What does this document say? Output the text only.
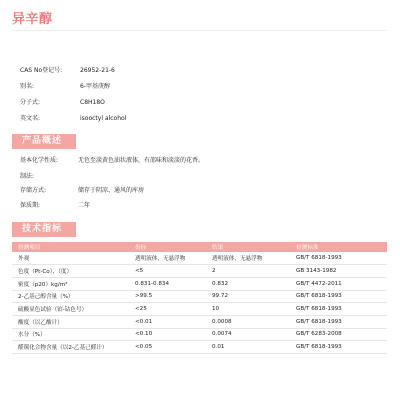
异辛醇
CAS No登记号:	26952-21-6
别名:	6-甲基庚醇
分子式:	C8H18O
英文名:	isooctyl alcohol
产品概述
基本化学性质:	无色至淡黄色油状液体，有邵味和淡淡的花香。
制法:
存储方式:	储存于阴凉、通风的库房
保质期:	二年
技术指标
检测项目	指标	结果	检测标准
外观	透明液体，无悬浮物	透明液体，无悬浮物	GB/T 6818-1993
色度（Pt-Co），（度）	<5	2	GB 3143-1982
密度（p20）kg/m³	0.831-0.834	0.832	GB/T 4472-2011
2-乙基己醇含量（%）	>99.5	99.72	GB/T 6818-1993
硫酸显色试验（铂-钴色号）	<25	10	GB/T 6818-1993
酸度（以乙酸计）	<0.01	0.0008	GB/T 6818-1993
水分（%）	<0.10	0.0074	GB/T 6283-2008
醛羰化合物含量（以2-乙基己醛计）	<0.05	0.01	GB/T 6818-1993
